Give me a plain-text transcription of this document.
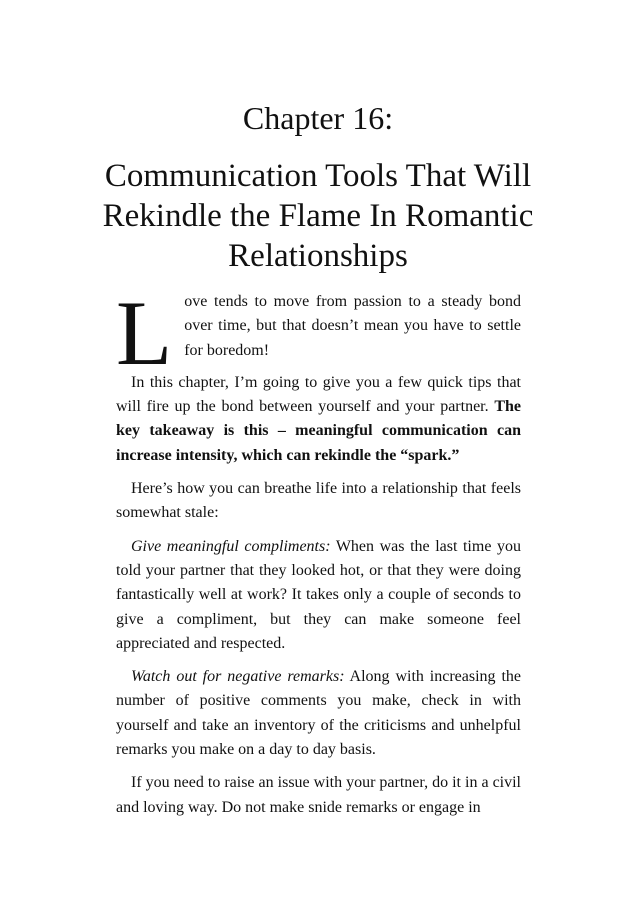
Chapter 16:
Communication Tools That Will Rekindle the Flame In Romantic Relationships

Love tends to move from passion to a steady bond over time, but that doesn’t mean you have to settle for boredom!

In this chapter, I’m going to give you a few quick tips that will fire up the bond between yourself and your partner. The key takeaway is this – meaningful communication can increase intensity, which can rekindle the “spark.”

Here’s how you can breathe life into a relationship that feels somewhat stale:

Give meaningful compliments: When was the last time you told your partner that they looked hot, or that they were doing fantastically well at work? It takes only a couple of seconds to give a compliment, but they can make someone feel appreciated and respected.

Watch out for negative remarks: Along with increasing the number of positive comments you make, check in with yourself and take an inventory of the criticisms and unhelpful remarks you make on a day to day basis.

If you need to raise an issue with your partner, do it in a civil and loving way. Do not make snide remarks or engage in
